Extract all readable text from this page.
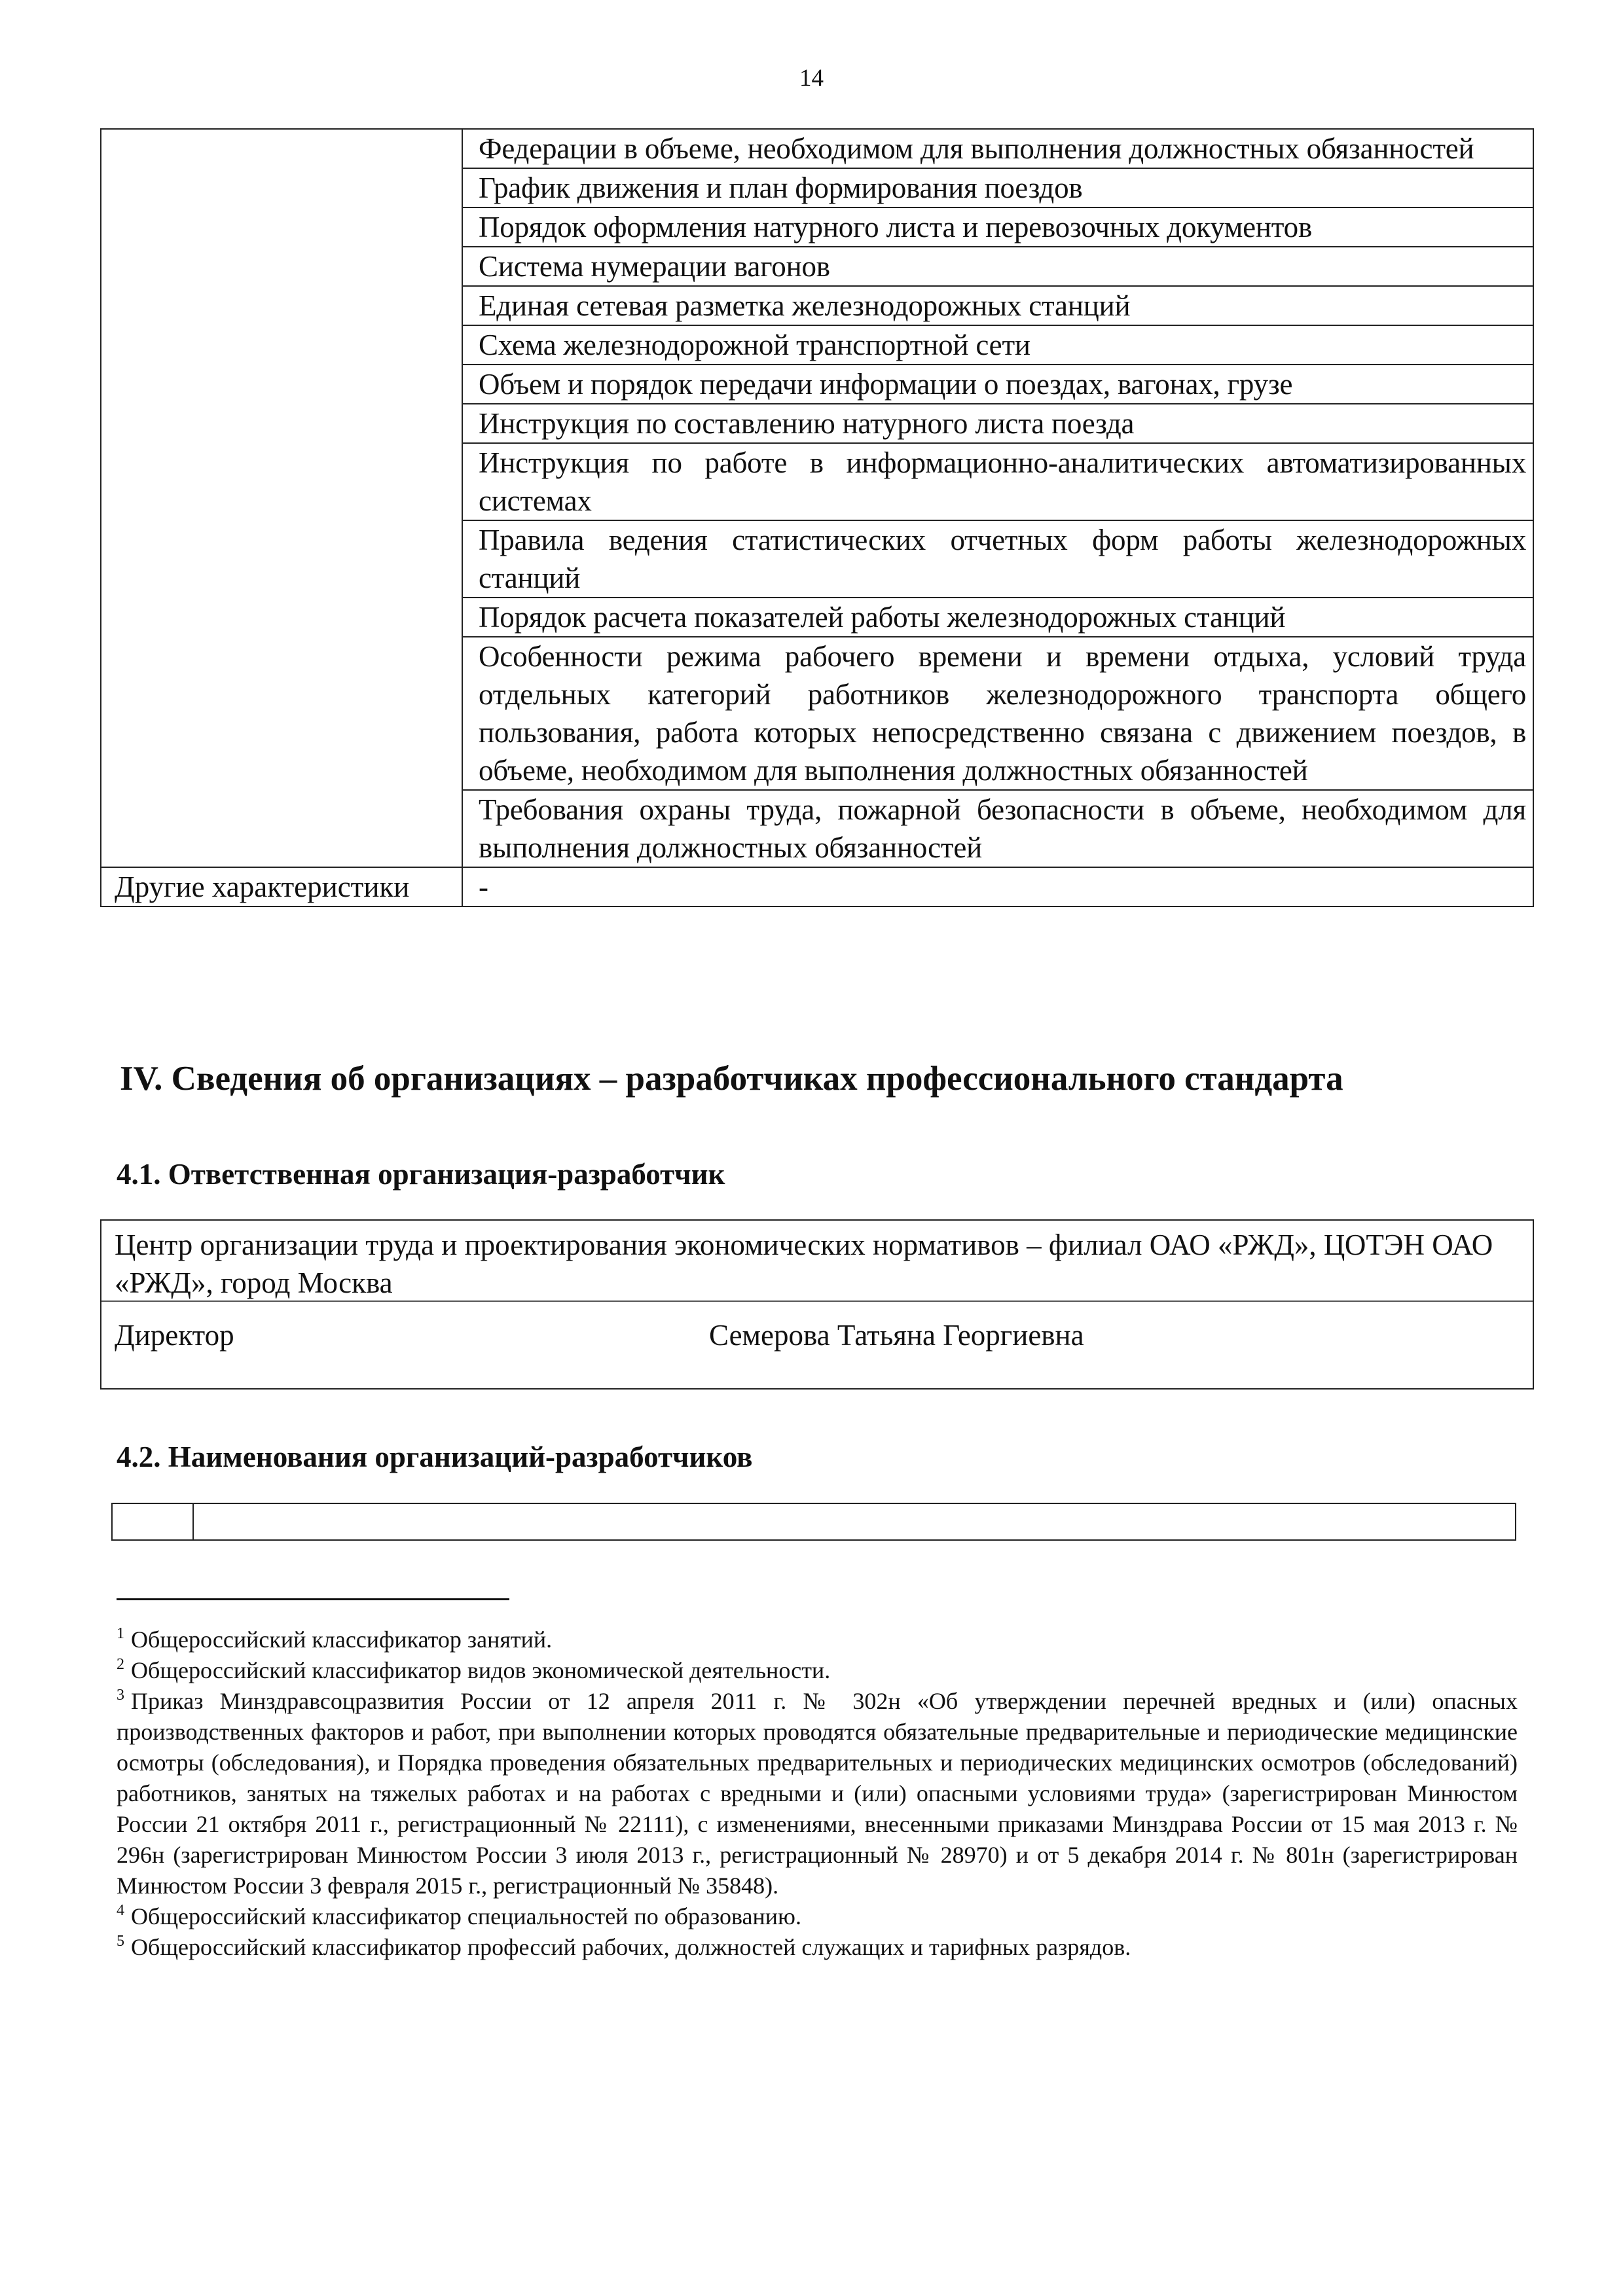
14
	Федерации в объеме, необходимом для выполнения должностных обязанностей
	График движения и план формирования поездов
	Порядок оформления натурного листа и перевозочных документов
	Система нумерации вагонов
	Единая сетевая разметка железнодорожных станций
	Схема железнодорожной транспортной сети
	Объем и порядок передачи информации о поездах, вагонах, грузе
	Инструкция по составлению натурного листа поезда
	Инструкция по работе в информационно-аналитических автоматизированных системах
	Правила ведения статистических отчетных форм работы железнодорожных станций
	Порядок расчета показателей работы железнодорожных станций
	Особенности режима рабочего времени и времени отдыха, условий труда отдельных категорий работников железнодорожного транспорта общего пользования, работа которых непосредственно связана с движением поездов, в объеме, необходимом для выполнения должностных обязанностей
	Требования охраны труда, пожарной безопасности в объеме, необходимом для выполнения должностных обязанностей
Другие характеристики	-
IV. Сведения об организациях – разработчиках профессионального стандарта
4.1. Ответственная организация-разработчик

Центр организации труда и проектирования экономических нормативов – филиал ОАО «РЖД», ЦОТЭН ОАО «РЖД», город Москва

Директор	Семерова Татьяна Георгиевна

4.2. Наименования организаций-разработчиков

$^1$ Общероссийский классификатор занятий.

$^2$ Общероссийский классификатор видов экономической деятельности.

$^3$ Приказ Минздравсоцразвития России от 12 апреля 2011 г. № 302н «Об утверждении перечней вредных и (или) опасных производственных факторов и работ, при выполнении которых проводятся обязательные предварительные и периодические медицинские осмотры (обследования), и Порядка проведения обязательных предварительных и периодических медицинских осмотров (обследований) работников, занятых на тяжелых работах и на работах с вредными и (или) опасными условиями труда» (зарегистрирован Минюстом России 21 октября 2011 г., регистрационный № 22111), с изменениями, внесенными приказами Минздрава России от 15 мая 2013 г. № 296н (зарегистрирован Минюстом России 3 июля 2013 г., регистрационный № 28970) и от 5 декабря 2014 г. № 801н (зарегистрирован Минюстом России 3 февраля 2015 г., регистрационный № 35848).

$^4$ Общероссийский классификатор специальностей по образованию.

$^5$ Общероссийский классификатор профессий рабочих, должностей служащих и тарифных разрядов.
